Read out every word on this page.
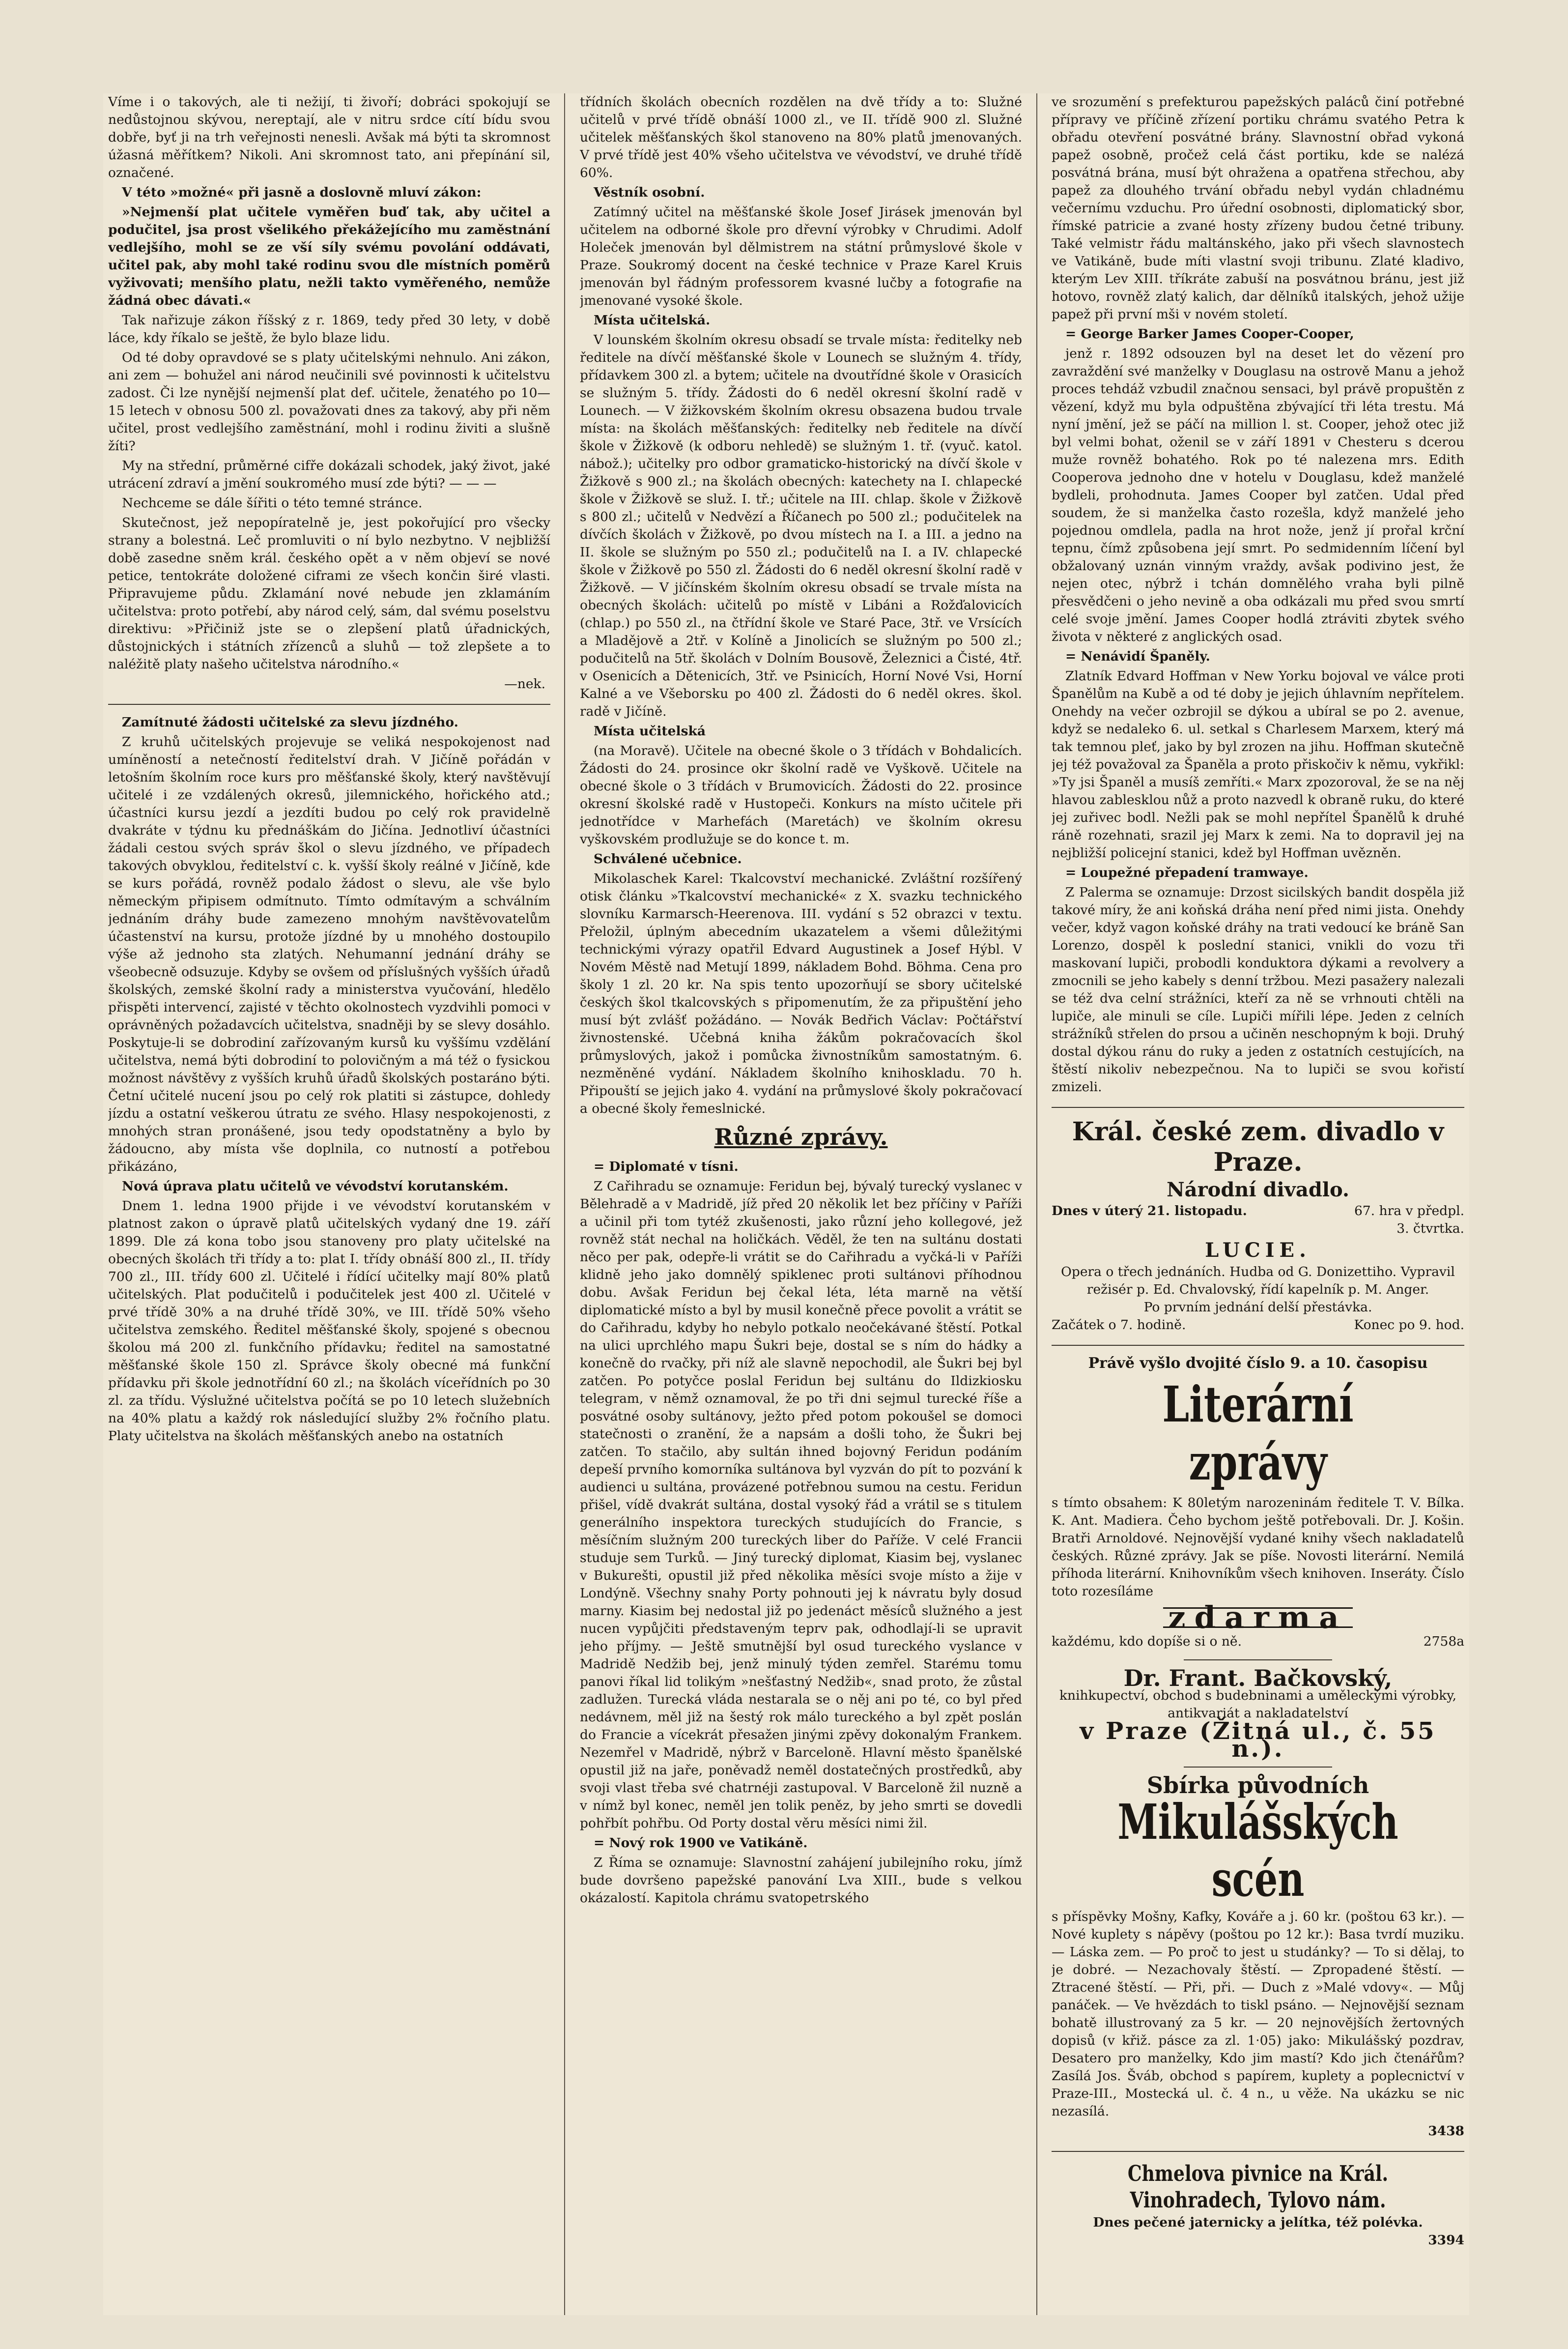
Víme i o takových, ale ti nežijí, ti živoří; dobráci spokojují se nedůstojnou skývou, nereptají, ale v nitru srdce cítí bídu svou dobře, byť ji na trh veřejnosti nenesli. Avšak má býti ta skromnost úžasná měřítkem? Nikoli. Ani skromnost tato, ani přepínání sil, označené.

V této »možné« při jasně a doslovně mluví zákon:

»Nejmenší plat učitele vyměřen buď tak, aby učitel a podučitel, jsa prost všelikého překážejícího mu zaměstnání vedlejšího, mohl se ze vší síly svému povolání oddávati, učitel pak, aby mohl také rodinu svou dle místních poměrů vyživovati; menšího platu, nežli takto vyměřeného, nemůže žádná obec dávati.«

Tak nařizuje zákon říšský z r. 1869, tedy před 30 lety, v době láce, kdy říkalo se ještě, že bylo blaze lidu.

Od té doby opravdové se s platy učitelskými nehnulo. Ani zákon, ani zem — bohužel ani národ neučinili své povinnosti k učitelstvu zadost. Či lze nynější nejmenší plat def. učitele, ženatého po 10—15 letech v obnosu 500 zl. považovati dnes za takový, aby při něm učitel, prost vedlejšího zaměstnání, mohl i rodinu živiti a slušně žíti?

My na střední, průměrné cifře dokázali schodek, jaký život, jaké utrácení zdraví a jmění soukromého musí zde býti? — — —

Nechceme se dále šířiti o této temné stránce.

Skutečnost, jež nepopíratelně je, jest pokořující pro všecky strany a bolestná. Leč promluviti o ní bylo nezbytno. V nejbližší době zasedne sněm král. českého opět a v něm objeví se nové petice, tentokráte doložené ciframi ze všech končin širé vlasti. Připravujeme půdu. Zklamání nové nebude jen zklamáním učitelstva: proto potřebí, aby národ celý, sám, dal svému poselstvu direktivu: »Přičiniž jste se o zlepšení platů úřadnických, důstojnických i státních zřízenců a sluhů — tož zlepšete a to naléžitě platy našeho učitelstva národního.«

—nek.

Zamítnuté žádosti učitelské za slevu jízdného.

Z kruhů učitelských projevuje se veliká nespokojenost nad umíněností a netečností ředitelství drah. V Jičíně pořádán v letošním školním roce kurs pro měšťanské školy, který navštěvují učitelé i ze vzdálených okresů, jilemnického, hořického atd.; účastníci kursu jezdí a jezdíti budou po celý rok pravidelně dvakráte v týdnu ku přednáškám do Jičína. Jednotliví účastníci žádali cestou svých správ škol o slevu jízdného, ve případech takových obvyklou, ředitelství c. k. vyšší školy reálné v Jičíně, kde se kurs pořádá, rovněž podalo žádost o slevu, ale vše bylo německým připisem odmítnuto. Tímto odmítavým a schválním jednáním dráhy bude zamezeno mnohým navštěvovatelům účastenství na kursu, protože jízdné by u mnohého dostoupilo výše až jednoho sta zlatých. Nehumanní jednání dráhy se všeobecně odsuzuje. Kdyby se ovšem od příslušných vyšších úřadů školských, zemské školní rady a ministerstva vyučování, hledělo přispěti intervencí, zajisté v těchto okolnostech vyzdvihli pomoci v oprávněných požadavcích učitelstva, snadněji by se slevy dosáhlo. Poskytuje-li se dobrodiní zařízovaným kursů ku vyššímu vzdělání učitelstva, nemá býti dobrodiní to polovičným a má též o fysickou možnost návštěvy z vyšších kruhů úřadů školských postaráno býti. Četní učitelé nucení jsou po celý rok platiti si zástupce, dohledy jízdu a ostatní veškerou útratu ze svého. Hlasy nespokojenosti, z mnohých stran pronášené, jsou tedy opodstatněny a bylo by žádoucno, aby místa vše doplnila, co nutností a potřebou přikázáno,

Nová úprava platu učitelů ve vévodství korutanském.

Dnem 1. ledna 1900 přijde i ve vévodství korutanském v platnost zakon o úpravě platů učitelských vydaný dne 19. září 1899. Dle zá kona tobo jsou stanoveny pro platy učitelské na obecných školách tři třídy a to: plat I. třídy obnáší 800 zl., II. třídy 700 zl., III. třídy 600 zl. Učitelé i řídící učitelky mají 80% platů učitelských. Plat podučitelů i podučitelek jest 400 zl. Učitelé v prvé třídě 30% a na druhé třídě 30%, ve III. třídě 50% všeho učitelstva zemského. Ředitel měšťanské školy, spojené s obecnou školou má 200 zl. funkčního přídavku; ředitel na samostatné měšťanské škole 150 zl. Správce školy obecné má funkční přídavku při škole jednotřídní 60 zl.; na školách víceřídních po 30 zl. za třídu. Výslužné učitelstva počítá se po 10 letech služebních na 40% platu a každý rok následující služby 2% řočního platu. Platy učitelstva na školách měšťanských anebo na ostatních

třídních školách obecních rozdělen na dvě třídy a to: Služné učitelů v prvé třídě obnáší 1000 zl., ve II. třídě 900 zl. Služné učitelek měšťanských škol stanoveno na 80% platů jmenovaných. V prvé třídě jest 40% všeho učitelstva ve vévodství, ve druhé třídě 60%.

Věstník osobní.

Zatímný učitel na měšťanské škole Josef Jirásek jmenován byl učitelem na odborné škole pro dřevní výrobky v Chrudimi. Adolf Holeček jmenován byl dělmistrem na státní průmyslové škole v Praze. Soukromý docent na české technice v Praze Karel Kruis jmenován byl řádným professorem kvasné lučby a fotografie na jmenované vysoké škole.

Místa učitelská.

V lounském školním okresu obsadí se trvale místa: ředitelky neb ředitele na dívčí měšťanské škole v Lounech se služným 4. třídy, přídavkem 300 zl. a bytem; učitele na dvoutřídné škole v Orasicích se služným 5. třídy. Žádosti do 6 neděl okresní školní radě v Lounech. — V žižkovském školním okresu obsazena budou trvale místa: na školách měšťanských: ředitelky neb ředitele na dívčí škole v Žižkově (k odboru nehledě) se služným 1. tř. (vyuč. katol. nábož.); učitelky pro odbor gramaticko-historický na dívčí škole v Žižkově s 900 zl.; na školách obecných: katechety na I. chlapecké škole v Žižkově se služ. I. tř.; učitele na III. chlap. škole v Žižkově s 800 zl.; učitelů v Nedvězí a Říčanech po 500 zl.; podučitelek na dívčích školách v Žižkově, po dvou místech na I. a III. a jedno na II. škole se služným po 550 zl.; podučitelů na I. a IV. chlapecké škole v Žižkově po 550 zl. Žádosti do 6 neděl okresní školní radě v Žižkově. — V jičínském školním okresu obsadí se trvale místa na obecných školách: učitelů po místě v Libáni a Rožďalovicích (chlap.) po 550 zl., na čtřídní škole ve Staré Pace, 3tř. ve Vrsících a Mladějově a 2tř. v Kolíně a Jinolicích se služným po 500 zl.; podučitelů na 5tř. školách v Dolním Bousově, Železnici a Čisté, 4tř. v Osenicích a Dětenicích, 3tř. ve Psinicích, Horní Nové Vsi, Horní Kalné a ve Všeborsku po 400 zl. Žádosti do 6 neděl okres. škol. radě v Jičíně.

Místa učitelská

(na Moravě). Učitele na obecné škole o 3 třídách v Bohdalicích. Žádosti do 24. prosince okr školní radě ve Vyškově. Učitele na obecné škole o 3 třídách v Brumovicích. Žádosti do 22. prosince okresní školské radě v Hustopeči. Konkurs na místo učitele při jednotřídce v Marhefách (Maretách) ve školním okresu vyškovském prodlužuje se do konce t. m.

Schválené učebnice.

Mikolaschek Karel: Tkalcovství mechanické. Zvláštní rozšířený otisk článku »Tkalcovství mechanické« z X. svazku technického slovníku Karmarsch-Heerenova. III. vydání s 52 obrazci v textu. Přeložil, úplným abecedním ukazatelem a všemi důležitými technickými výrazy opatřil Edvard Augustinek a Josef Hýbl. V Novém Městě nad Metují 1899, nákladem Bohd. Böhma. Cena pro školy 1 zl. 20 kr. Na spis tento upozorňují se sbory učitelské českých škol tkalcovských s připomenutím, že za připuštění jeho musí být zvlášť požádáno. — Novák Bedřich Václav: Počtářství živnostenské. Učebná kniha žákům pokračovacích škol průmyslových, jakož i pomůcka živnostníkům samostatným. 6. nezměněné vydání. Nákladem školního knihoskladu. 70 h. Připouští se jejich jako 4. vydání na průmyslové školy pokračovací a obecné školy řemeslnické.

Různé zprávy.

= Diplomaté v tísni.

Z Cařihradu se oznamuje: Feridun bej, bývalý turecký vyslanec v Bělehradě a v Madridě, jíž před 20 několik let bez příčiny v Paříži a učinil při tom tytéž zkušenosti, jako různí jeho kollegové, jež rovněž stát nechal na holičkách. Věděl, že ten na sultánu dostati něco per pak, odepře-li vrátit se do Cařihradu a vyčká-li v Paříži klidně jeho jako domnělý spiklenec proti sultánovi příhodnou dobu. Avšak Feridun bej čekal léta, léta marně na větší diplomatické místo a byl by musil konečně přece povolit a vrátit se do Cařihradu, kdyby ho nebylo potkalo neočekávané štěstí. Potkal na ulici uprchlého mapu Šukri beje, dostal se s ním do hádky a konečně do rvačky, při níž ale slavně nepochodil, ale Šukri bej byl zatčen. Po potyčce poslal Feridun bej sultánu do Ildizkiosku telegram, v němž oznamoval, že po tři dni sejmul turecké říše a posvátné osoby sultánovy, ježto před potom pokoušel se domoci statečnosti o zranění, že a napsám a došli toho, že Šukri bej zatčen. To stačilo, aby sultán ihned bojovný Feridun podáním depeší prvního komorníka sultánova byl vyzván do pít to pozvání k audienci u sultána, provázené potřebnou sumou na cestu. Feridun přišel, vídě dvakrát sultána, dostal vysoký řád a vrátil se s titulem generálního inspektora tureckých studujících do Francie, s měsíčním služným 200 tureckých liber do Paříže. V celé Francii studuje sem Turků. — Jiný turecký diplomat, Kiasim bej, vyslanec v Bukurešti, opustil již před několika měsíci svoje místo a žije v Londýně. Všechny snahy Porty pohnouti jej k návratu byly dosud marny. Kiasim bej nedostal již po jedenáct měsíců služného a jest nucen vypůjčiti představeným teprv pak, odhodlají-li se upravit jeho příjmy. — Ještě smutnější byl osud tureckého vyslance v Madridě Nedžib bej, jenž minulý týden zemřel. Starému tomu panovi říkal lid tolikým »nešťastný Nedžib«, snad proto, že zůstal zadlužen. Turecká vláda nestarala se o něj ani po té, co byl před nedávnem, měl již na šestý rok málo tureckého a byl zpět poslán do Francie a vícekrát přesažen jinými zpěvy dokonalým Frankem. Nezemřel v Madridě, nýbrž v Barceloně. Hlavní město španělské opustil již na jaře, poněvadž neměl dostatečných prostředků, aby svoji vlast třeba své chatrnéji zastupoval. V Barceloně žil nuzně a v nímž byl konec, neměl jen tolik peněz, by jeho smrti se dovedli pohřbít pohřbu. Od Porty dostal věru měsíci nimi žil.

= Nový rok 1900 ve Vatikáně.

Z Říma se oznamuje: Slavnostní zahájení jubilejního roku, jímž bude dovršeno papežské panování Lva XIII., bude s velkou okázalostí. Kapitola chrámu svatopetrského

ve srozumění s prefekturou papežských paláců činí potřebné přípravy ve příčině zřízení portiku chrámu svatého Petra k obřadu otevření posvátné brány. Slavnostní obřad vykoná papež osobně, pročež celá část portiku, kde se nalézá posvátná brána, musí být ohražena a opatřena střechou, aby papež za dlouhého trvání obřadu nebyl vydán chladnému večernímu vzduchu. Pro úřední osobnosti, diplomatický sbor, římské patricie a zvané hosty zřízeny budou četné tribuny. Také velmistr řádu maltánského, jako při všech slavnostech ve Vatikáně, bude míti vlastní svoji tribunu. Zlaté kladivo, kterým Lev XIII. tříkráte zabuší na posvátnou bránu, jest již hotovo, rovněž zlatý kalich, dar dělníků italských, jehož užije papež při první mši v novém století.

= George Barker James Cooper-Cooper,

jenž r. 1892 odsouzen byl na deset let do vězení pro zavraždění své manželky v Douglasu na ostrově Manu a jehož proces tehdáž vzbudil značnou sensaci, byl právě propuštěn z vězení, když mu byla odpuštěna zbývající tři léta trestu. Má nyní jmění, jež se páčí na million l. st. Cooper, jehož otec již byl velmi bohat, oženil se v září 1891 v Chesteru s dcerou muže rovněž bohatého. Rok po té nalezena mrs. Edith Cooperova jednoho dne v hotelu v Douglasu, kdež manželé bydleli, prohodnuta. James Cooper byl zatčen. Udal před soudem, že si manželka často rozešla, když manželé jeho pojednou omdlela, padla na hrot nože, jenž jí prořal krční tepnu, čímž způsobena její smrt. Po sedmidenním líčení byl obžalovaný uznán vinným vraždy, avšak podivino jest, že nejen otec, nýbrž i tchán domnělého vraha byli pilně přesvědčeni o jeho nevině a oba odkázali mu před svou smrtí celé svoje jmění. James Cooper hodlá ztráviti zbytek svého života v některé z anglických osad.

= Nenávidí Španěly.

Zlatník Edvard Hoffman v New Yorku bojoval ve válce proti Španělům na Kubě a od té doby je jejich úhlavním nepřítelem. Onehdy na večer ozbrojil se dýkou a ubíral se po 2. avenue, když se nedaleko 6. ul. setkal s Charlesem Marxem, který má tak temnou pleť, jako by byl zrozen na jihu. Hoffman skutečně jej též považoval za Španěla a proto přiskočiv k němu, vykřikl: »Ty jsi Španěl a musíš zemříti.« Marx zpozoroval, že se na něj hlavou zablesklou nůž a proto nazvedl k obraně ruku, do které jej zuřivec bodl. Nežli pak se mohl nepřítel Španělů k druhé ráně rozehnati, srazil jej Marx k zemi. Na to dopravil jej na nejbližší policejní stanici, kdež byl Hoffman uvězněn.

= Loupežné přepadení tramwaye.

Z Palerma se oznamuje: Drzost sicilských bandit dospěla již takové míry, že ani koňská dráha není před nimi jista. Onehdy večer, když vagon koňské dráhy na trati vedoucí ke bráně San Lorenzo, dospěl k poslední stanici, vnikli do vozu tři maskovaní lupiči, probodli konduktora dýkami a revolvery a zmocnili se jeho kabely s denní tržbou. Mezi pasažery nalezali se též dva celní strážníci, kteří za ně se vrhnouti chtěli na lupiče, ale minuli se cíle. Lupiči mířili lépe. Jeden z celních strážníků střelen do prsou a učiněn neschopným k boji. Druhý dostal dýkou ránu do ruky a jeden z ostatních cestujících, na štěstí nikoliv nebezpečnou. Na to lupiči se svou kořistí zmizeli.

Král. české zem. divadlo v Praze.
Národní divadlo.
Dnes v úterý 21. listopadu.	67. hra v předpl.
3. čtvrtka.
LUCIE.
Opera o třech jednáních. Hudba od G. Donizettiho. Vypravil režisér p. Ed. Chvalovský, řídí kapelník p. M. Anger.
Po prvním jednání delší přestávka.
Začátek o 7. hodině.	Konec po 9. hod.
Právě vyšlo dvojité číslo 9. a 10. časopisu
Literární zprávy

s tímto obsahem: K 80letým narozeninám ředitele T. V. Bílka. K. Ant. Madiera. Čeho bychom ještě potřebovali. Dr. J. Košin. Bratři Arnoldové. Nejnovější vydané knihy všech nakladatelů českých. Různé zprávy. Jak se píše. Novosti literární. Nemilá příhoda literární. Knihovníkům všech knihoven. Inseráty. Číslo toto rozesíláme

zdarma
každému, kdo dopíše si o ně.	2758a
Dr. Frant. Bačkovský,
knihkupectví, obchod s budebninami a uměleckými výrobky, antikvariát a nakladatelství
v Praze (Žitná ul., č. 55 n.).
Sbírka původních
Mikulášských scén

s příspěvky Mošny, Kafky, Kováře a j. 60 kr. (poštou 63 kr.). — Nové kuplety s nápěvy (poštou po 12 kr.): Basa tvrdí muziku. — Láska zem. — Po proč to jest u studánky? — To si dělaj, to je dobré. — Nezachovaly štěstí. — Zpropadené štěstí. — Ztracené štěstí. — Při, při. — Duch z »Malé vdovy«. — Můj panáček. — Ve hvězdách to tiskl psáno. — Nejnovější seznam bohatě illustrovaný za 5 kr. — 20 nejnovějších žertovných dopisů (v křiž. páscе za zl. 1·05) jako: Mikulášský pozdrav, Desatero pro manželky, Kdo jim mastí? Kdo jich čtenářům? Zasílá Jos. Šváb, obchod s papírem, kuplety a poplecnictví v Praze-III., Mostecká ul. č. 4 n., u věže. Na ukázku se nic nezasílá.

3438
Chmelova pivnice na Král. Vinohradech, Tylovo nám.
Dnes pečené jaternicky a jelítka, též polévka.
3394
